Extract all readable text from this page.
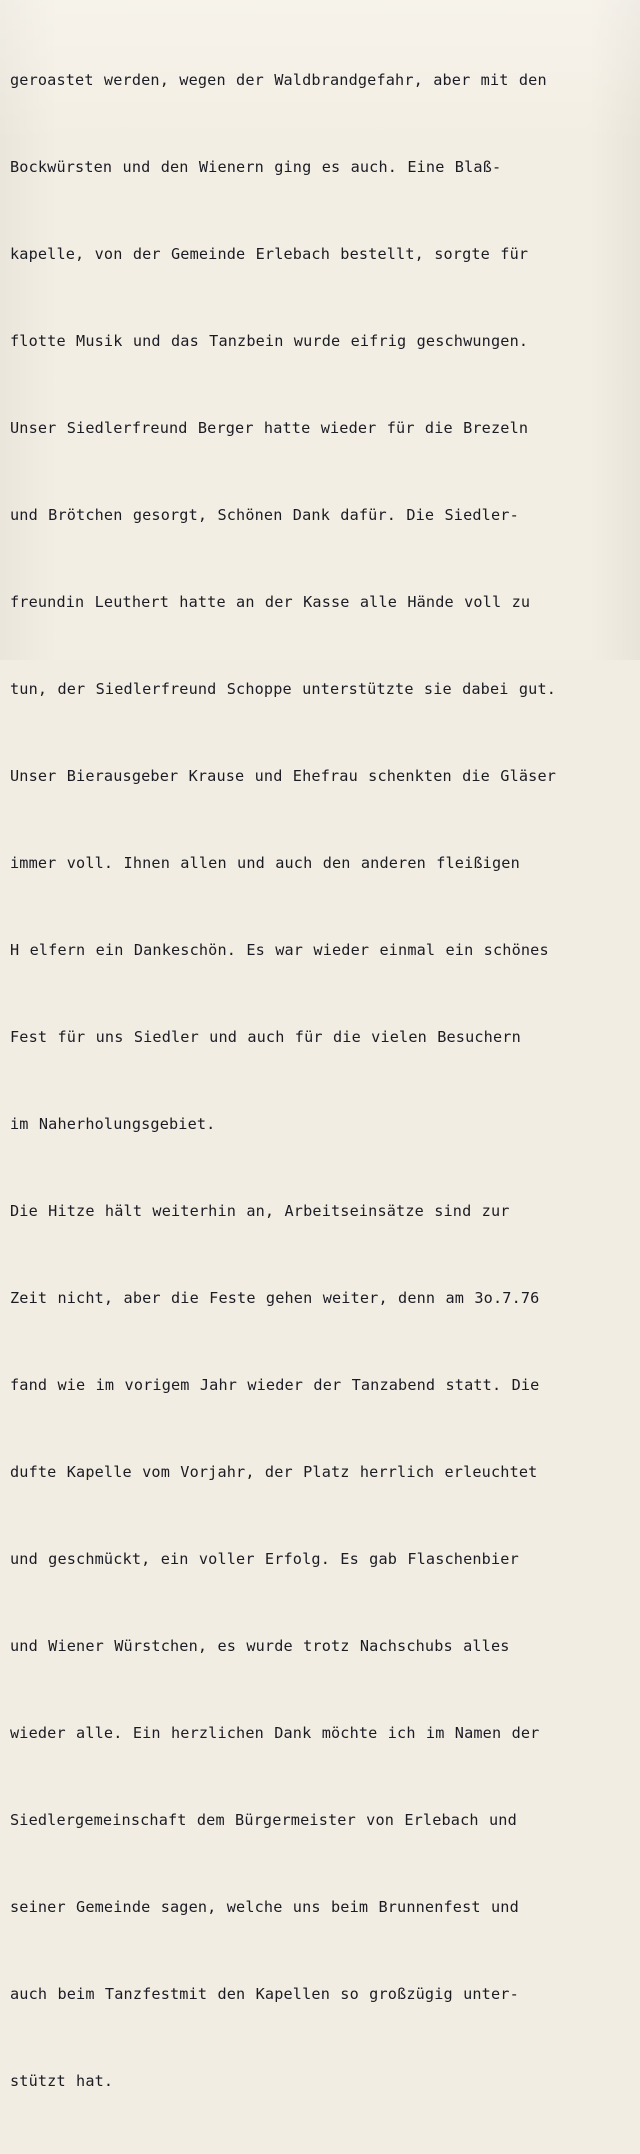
geroastet werden, wegen der Waldbrandgefahr, aber mit den

Bockwürsten und den Wienern ging es auch. Eine Blaß-

kapelle, von der Gemeinde Erlebach bestellt, sorgte für

flotte Musik und das Tanzbein wurde eifrig geschwungen.

Unser Siedlerfreund Berger hatte wieder für die Brezeln

und Brötchen gesorgt, Schönen Dank dafür. Die Siedler-

freundin Leuthert hatte an der Kasse alle Hände voll zu

tun, der Siedlerfreund Schoppe unterstützte sie dabei gut.

Unser Bierausgeber Krause und Ehefrau schenkten die Gläser

immer voll. Ihnen allen und auch den anderen fleißigen

H elfern ein Dankeschön. Es war wieder einmal ein schönes

Fest für uns Siedler und auch für die vielen Besuchern

im Naherholungsgebiet.

Die Hitze hält weiterhin an, Arbeitseinsätze sind zur

Zeit nicht, aber die Feste gehen weiter, denn am 3o.7.76

fand wie im vorigem Jahr wieder der Tanzabend statt. Die

dufte Kapelle vom Vorjahr, der Platz herrlich erleuchtet

und geschmückt, ein voller Erfolg. Es gab Flaschenbier

und Wiener Würstchen, es wurde trotz Nachschubs alles

wieder alle. Ein herzlichen Dank möchte ich im Namen der

Siedlergemeinschaft dem Bürgermeister von Erlebach und

seiner Gemeinde sagen, welche uns beim Brunnenfest und

auch beim Tanzfestmit den Kapellen so großzügig unter-

stützt hat.
